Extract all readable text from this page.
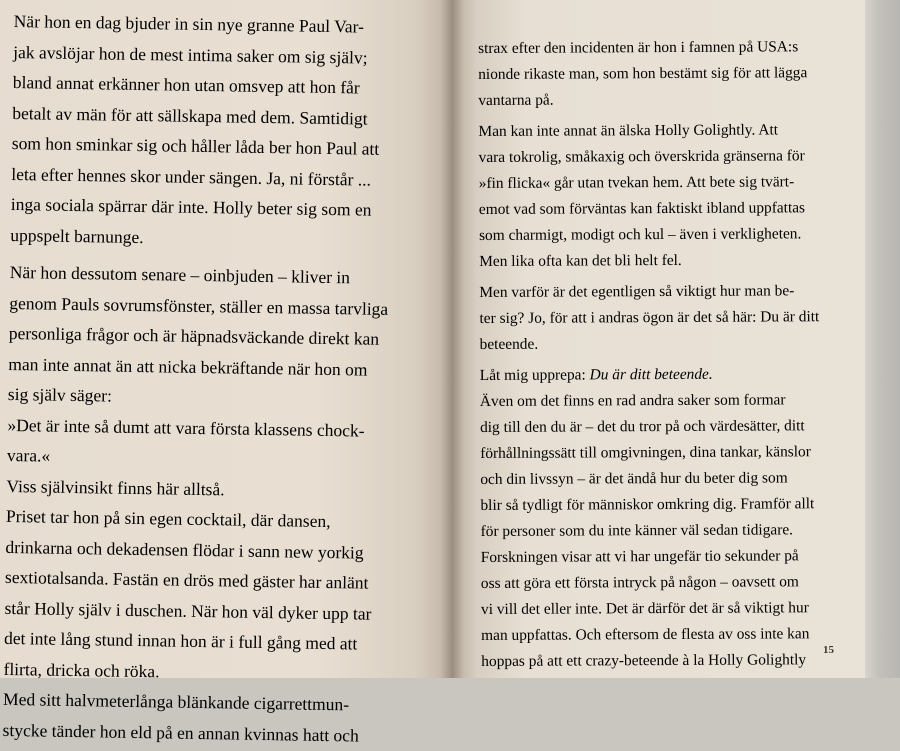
När hon en dag bjuder in sin nye granne Paul Var-
jak avslöjar hon de mest intima saker om sig själv;
bland annat erkänner hon utan omsvep att hon får
betalt av män för att sällskapa med dem. Samtidigt
som hon sminkar sig och håller låda ber hon Paul att
leta efter hennes skor under sängen. Ja, ni förstår ...
inga sociala spärrar där inte. Holly beter sig som en
uppspelt barnunge.
När hon dessutom senare – oinbjuden – kliver in
genom Pauls sovrumsfönster, ställer en massa tarvliga
personliga frågor och är häpnadsväckande direkt kan
man inte annat än att nicka bekräftande när hon om
sig själv säger:
»Det är inte så dumt att vara första klassens chock-
vara.«
Viss självinsikt finns här alltså.
Priset tar hon på sin egen cocktail, där dansen,
drinkarna och dekadensen flödar i sann new yorkig
sextiotalsanda. Fastän en drös med gäster har anlänt
står Holly själv i duschen. När hon väl dyker upp tar
det inte lång stund innan hon är i full gång med att
flirta, dricka och röka.
Med sitt halvmeterlånga blänkande cigarrettmun-
stycke tänder hon eld på en annan kvinnas hatt och
strax efter den incidenten är hon i famnen på USA:s
nionde rikaste man, som hon bestämt sig för att lägga
vantarna på.
Man kan inte annat än älska Holly Golightly. Att
vara tokrolig, småkaxig och överskrida gränserna för
»fin flicka« går utan tvekan hem. Att bete sig tvärt-
emot vad som förväntas kan faktiskt ibland uppfattas
som charmigt, modigt och kul – även i verkligheten.
Men lika ofta kan det bli helt fel.
Men varför är det egentligen så viktigt hur man be-
ter sig? Jo, för att i andras ögon är det så här: Du är ditt
beteende.
Låt mig upprepa: Du är ditt beteende.
Även om det finns en rad andra saker som formar
dig till den du är – det du tror på och värdesätter, ditt
förhållningssätt till omgivningen, dina tankar, känslor
och din livssyn – är det ändå hur du beter dig som
blir så tydligt för människor omkring dig. Framför allt
för personer som du inte känner väl sedan tidigare.
Forskningen visar att vi har ungefär tio sekunder på
oss att göra ett första intryck på någon – oavsett om
vi vill det eller inte. Det är därför det är så viktigt hur
man uppfattas. Och eftersom de flesta av oss inte kan
hoppas på att ett crazy-beteende à la Holly Golightly
15
